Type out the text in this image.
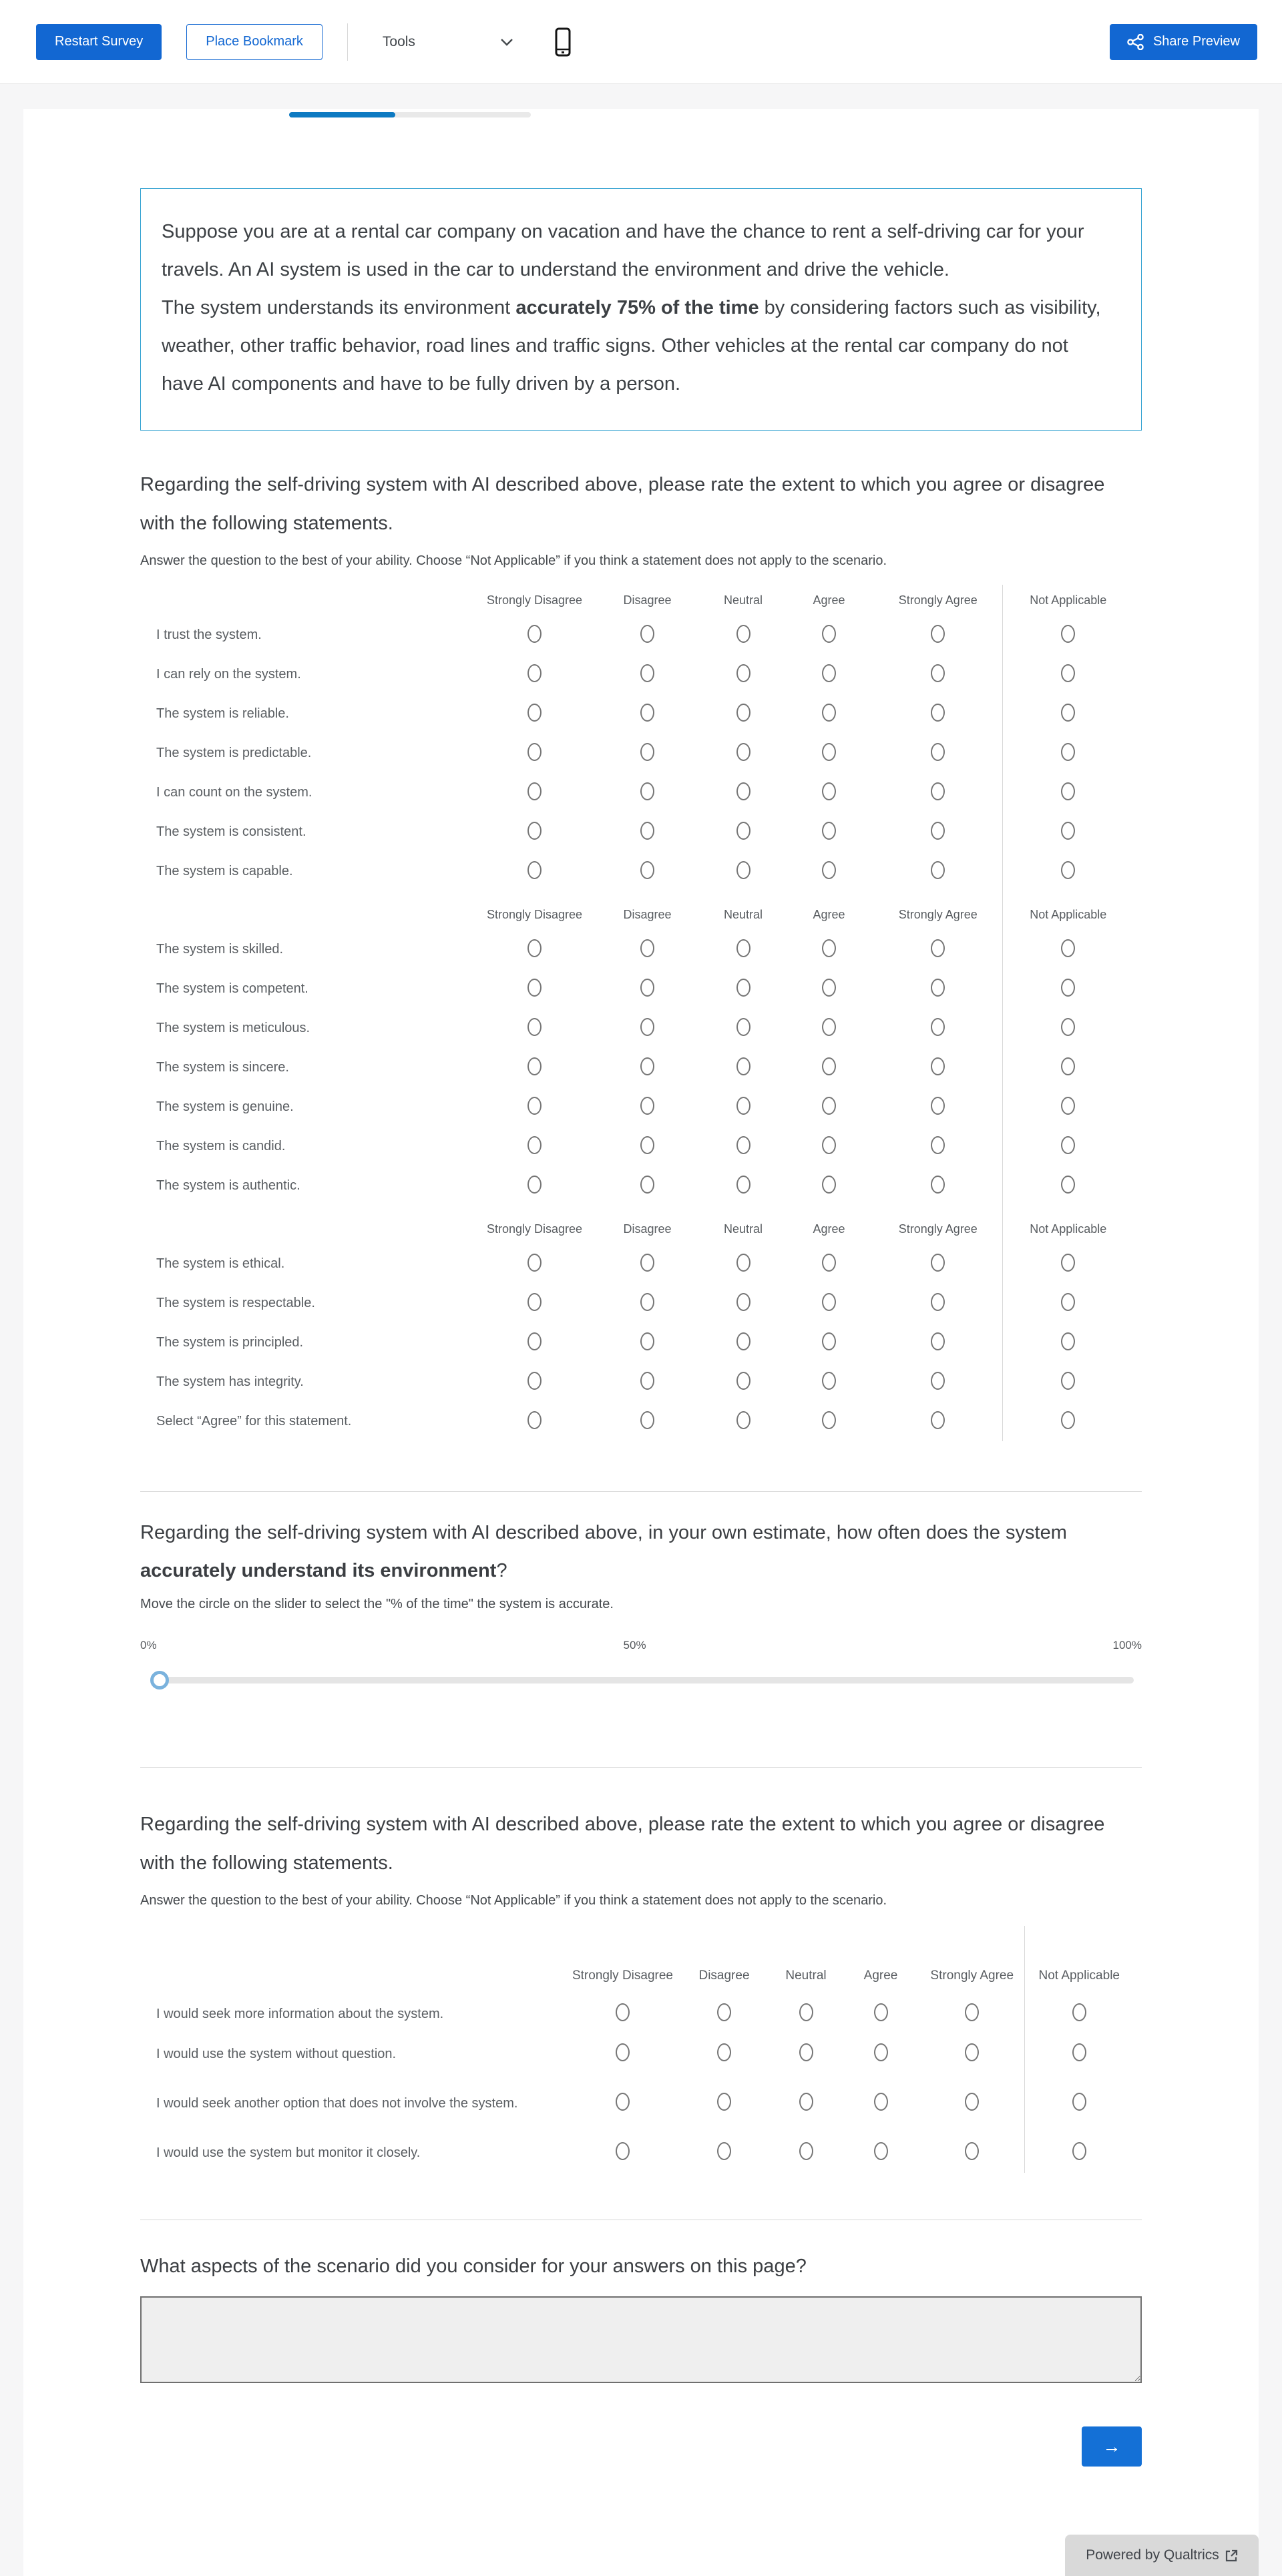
Restart Survey	Place Bookmark	Tools	Share Preview

Suppose you are at a rental car company on vacation and have the chance to rent a self-driving car for your travels. An AI system is used in the car to understand the environment and drive the vehicle.

The system understands its environment accurately 75% of the time by considering factors such as visibility, weather, other traffic behavior, road lines and traffic signs. Other vehicles at the rental car company do not have AI components and have to be fully driven by a person.

Regarding the self-driving system with AI described above, please rate the extent to which you agree or disagree with the following statements.
Answer the question to the best of your ability. Choose “Not Applicable” if you think a statement does not apply to the scenario.
	Strongly Disagree	Disagree	Neutral	Agree	Strongly Agree	Not Applicable
I trust the system.						
I can rely on the system.						
The system is reliable.						
The system is predictable.						
I can count on the system.						
The system is consistent.						
The system is capable.						
	Strongly Disagree	Disagree	Neutral	Agree	Strongly Agree	Not Applicable
The system is skilled.						
The system is competent.						
The system is meticulous.						
The system is sincere.						
The system is genuine.						
The system is candid.						
The system is authentic.						
	Strongly Disagree	Disagree	Neutral	Agree	Strongly Agree	Not Applicable
The system is ethical.						
The system is respectable.						
The system is principled.						
The system has integrity.						
Select “Agree” for this statement.						
Regarding the self-driving system with AI described above, in your own estimate, how often does the system accurately understand its environment?
Move the circle on the slider to select the "% of the time" the system is accurate.
0%	50%	100%
Regarding the self-driving system with AI described above, please rate the extent to which you agree or disagree with the following statements.
Answer the question to the best of your ability. Choose “Not Applicable” if you think a statement does not apply to the scenario.
	Strongly Disagree	Disagree	Neutral	Agree	Strongly Agree	Not Applicable
I would seek more information about the system.						
I would use the system without question.						
I would seek another option that does not involve the system.						
I would use the system but monitor it closely.						
What aspects of the scenario did you consider for your answers on this page?
→
Powered by Qualtrics
